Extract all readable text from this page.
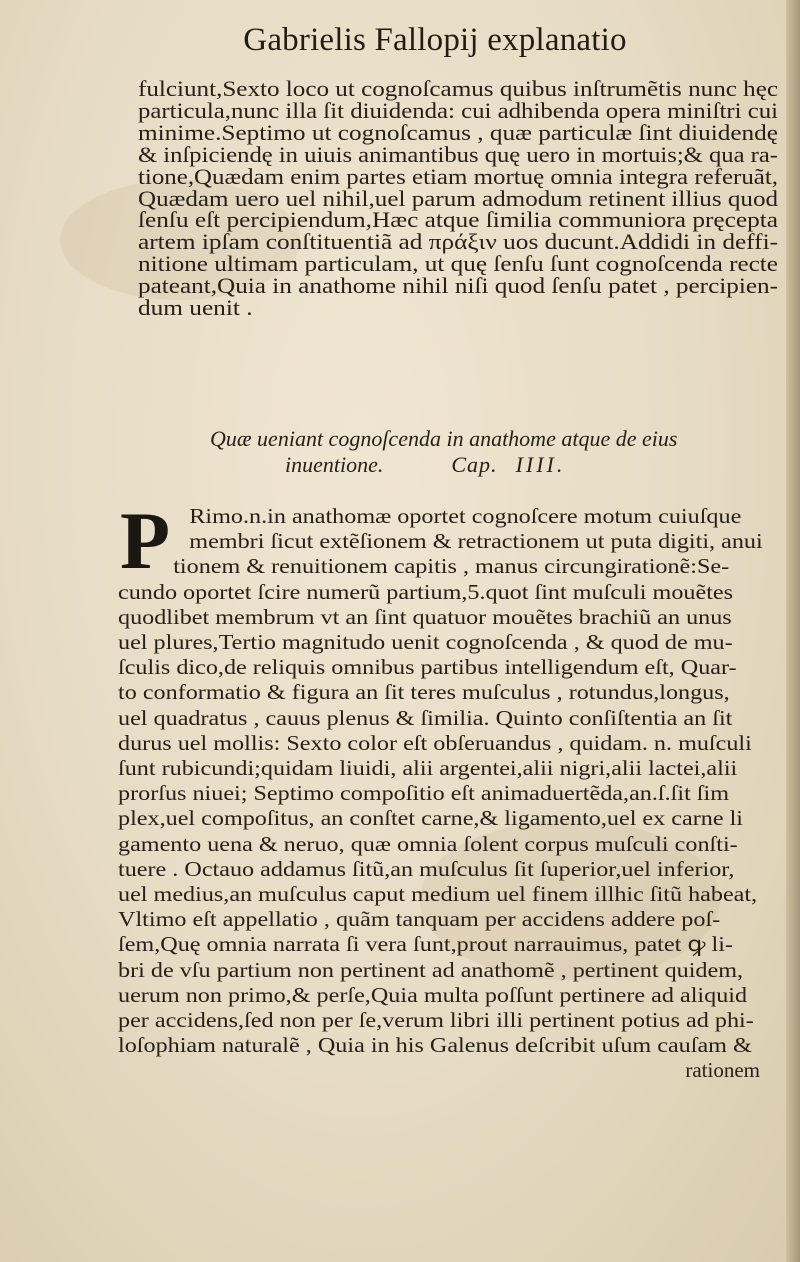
Gabrielis Fallopij explanatio
fulciunt,Sexto loco ut cognoſcamus quibus inſtrumẽtis nunc hęc
particula,nunc illa ſit diuidenda: cui adhibenda opera miniſtri cui
minime.Septimo ut cognoſcamus , quæ particulæ ſint diuidendę
& inſpiciendę in uiuis animantibus quę uero in mortuis;& qua ra-
tione,Quædam enim partes etiam mortuę omnia integra referuãt,
Quædam uero uel nihil,uel parum admodum retinent illius quod
ſenſu eſt percipiendum,Hæc atque ſimilia communiora pręcepta
artem ipſam conſtituentiã ad πράξιν uos ducunt.Addidi in deffi-
nitione ultimam particulam, ut quę ſenſu ſunt cognoſcenda recte
pateant,Quia in anathome nihil niſi quod ſenſu patet , percipien-
dum uenit .
Quæ ueniant cognoſcenda in anathome atque de eius
inuentione.	Cap. IIII.
P Rimo.n.in anathomæ oportet cognoſcere motum cuiuſque
membri ſicut extẽſionem & retractionem ut puta digiti, anui
tionem & renuitionem capitis , manus circungirationẽ:Se-
cundo oportet ſcire numerũ partium,5.quot ſint muſculi mouẽtes
quodlibet membrum vt an ſint quatuor mouẽtes brachiũ an unus
uel plures,Tertio magnitudo uenit cognoſcenda , & quod de mu-
ſculis dico,de reliquis omnibus partibus intelligendum eſt, Quar-
to conformatio & figura an ſit teres muſculus , rotundus,longus,
uel quadratus , cauus plenus & ſimilia. Quinto conſiſtentia an ſit
durus uel mollis: Sexto color eſt obſeruandus , quidam. n. muſculi
ſunt rubicundi;quidam liuidi, alii argentei,alii nigri,alii lactei,alii
prorſus niuei; Septimo compoſitio eſt animaduertẽda,an.ſ.ſit ſim
plex,uel compoſitus, an conſtet carne,& ligamento,uel ex carne li
gamento uena & neruo, quæ omnia ſolent corpus muſculi conſti-
tuere . Octauo addamus ſitũ,an muſculus ſit ſuperior,uel inferior,
uel medius,an muſculus caput medium uel finem illhic ſitũ habeat,
Vltimo eſt appellatio , quãm tanquam per accidens addere poſ-
ſem,Quę omnia narrata ſi vera ſunt,prout narrauimus, patet ꝙ li-
bri de vſu partium non pertinent ad anathomẽ , pertinent quidem,
uerum non primo,& perſe,Quia multa poſſunt pertinere ad aliquid
per accidens,ſed non per ſe,verum libri illi pertinent potius ad phi-
loſophiam naturalẽ , Quia in his Galenus deſcribit uſum cauſam &
rationem
